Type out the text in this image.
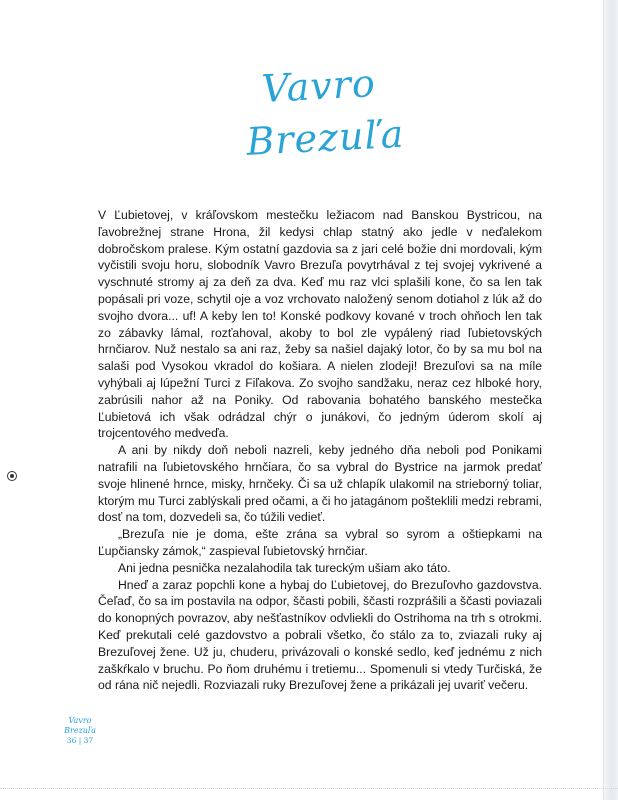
Vavro
Brezuľa

V Ľubietovej, v kráľovskom mestečku ležiacom nad Banskou Bystricou, na ľavobrežnej strane Hrona, žil kedysi chlap statný ako jedle v neďalekom dobročskom pralese. Kým ostatní gazdovia sa z jari celé božie dni mordovali, kým vyčistili svoju horu, slobodník Vavro Brezuľa povytrhával z tej svojej vykrivené a vyschnuté stromy aj za deň za dva. Keď mu raz vlci splašili kone, čo sa len tak popásali pri voze, schytil oje a voz vrchovato naložený senom dotiahol z lúk až do svojho dvora... uf! A keby len to! Konské podkovy kované v troch ohňoch len tak zo zábavky lámal, rozťahoval, akoby to bol zle vypálený riad ľubietovských hrnčiarov. Nuž nestalo sa ani raz, žeby sa našiel dajaký lotor, čo by sa mu bol na salaši pod Vysokou vkradol do košiara. A nielen zlodeji! Brezuľovi sa na míle vyhýbali aj lúpežní Turci z Fiľakova. Zo svojho sandžaku, neraz cez hlboké hory, zabrúsili nahor až na Poniky. Od rabovania bohatého banského mestečka Ľubietová ich však odrádzal chýr o junákovi, čo jedným úderom skolí aj trojcentového medveďa.

A ani by nikdy doň neboli nazreli, keby jedného dňa neboli pod Ponikami natrafili na ľubietovského hrnčiara, čo sa vybral do Bystrice na jarmok predať svoje hlinené hrnce, misky, hrnčeky. Či sa už chlapík ulakomil na strieborný toliar, ktorým mu Turci zablýskali pred očami, a či ho jatagánom pošteklili medzi rebrami, dosť na tom, dozvedeli sa, čo túžili vedieť.

„Brezuľa nie je doma, ešte zrána sa vybral so syrom a oštiepkami na Ľupčiansky zámok,“ zaspieval ľubietovský hrnčiar.

Ani jedna pesnička nezalahodila tak tureckým ušiam ako táto.

Hneď a zaraz popchli kone a hybaj do Ľubietovej, do Brezuľovho gazdovstva. Čeľaď, čo sa im postavila na odpor, ščasti pobili, ščasti rozprášili a ščasti poviazali do konopných povrazov, aby nešťastníkov odvliekli do Ostrihoma na trh s otrokmi. Keď prekutali celé gazdovstvo a pobrali všetko, čo stálo za to, zviazali ruky aj Brezuľovej žene. Už ju, chuderu, privázovali o konské sedlo, keď jednému z nich zaškŕkalo v bruchu. Po ňom druhému i tretiemu... Spomenuli si vtedy Turčiská, že od rána nič nejedli. Rozviazali ruky Brezuľovej žene a prikázali jej uvariť večeru.

Vavro
Brezuľa
36 | 37
